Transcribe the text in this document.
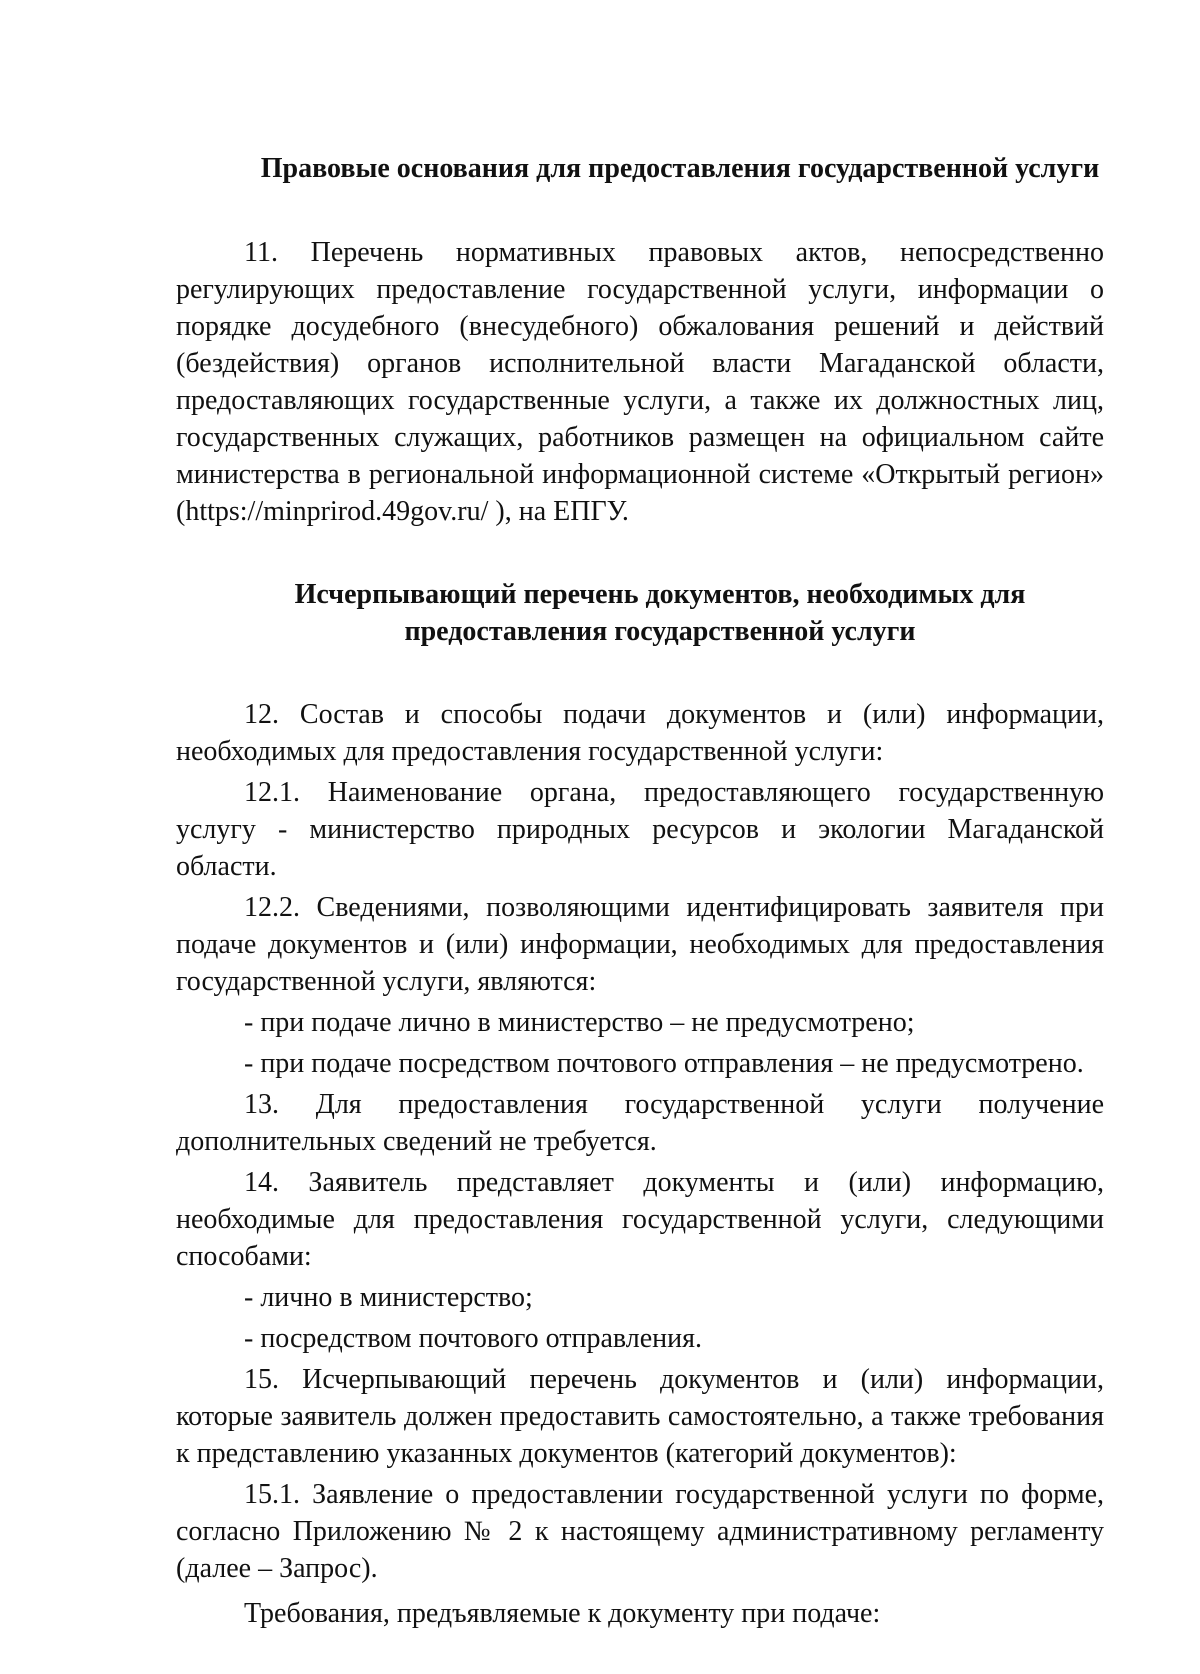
Правовые основания для предоставления государственной услуги

11. Перечень нормативных правовых актов, непосредственно регулирующих предоставление государственной услуги, информации о порядке досудебного (внесудебного) обжалования решений и действий (бездействия) органов исполнительной власти Магаданской области, предоставляющих государственные услуги, а также их должностных лиц, государственных служащих, работников размещен на официальном сайте министерства в региональной информационной системе «Открытый регион» (https://minprirod.49gov.ru/ ), на ЕПГУ.

Исчерпывающий перечень документов, необходимых для
предоставления государственной услуги

12. Состав и способы подачи документов и (или) информации, необходимых для предоставления государственной услуги:

12.1. Наименование органа, предоставляющего государственную услугу - министерство природных ресурсов и экологии Магаданской области.

12.2. Сведениями, позволяющими идентифицировать заявителя при подаче документов и (или) информации, необходимых для предоставления государственной услуги, являются:

- при подаче лично в министерство – не предусмотрено;

- при подаче посредством почтового отправления – не предусмотрено.

13. Для предоставления государственной услуги получение дополнительных сведений не требуется.

14. Заявитель представляет документы и (или) информацию, необходимые для предоставления государственной услуги, следующими способами:

- лично в министерство;

- посредством почтового отправления.

15. Исчерпывающий перечень документов и (или) информации, которые заявитель должен предоставить самостоятельно, а также требования к представлению указанных документов (категорий документов):

15.1. Заявление о предоставлении государственной услуги по форме, согласно Приложению № 2 к настоящему административному регламенту (далее – Запрос).

Требования, предъявляемые к документу при подаче:
